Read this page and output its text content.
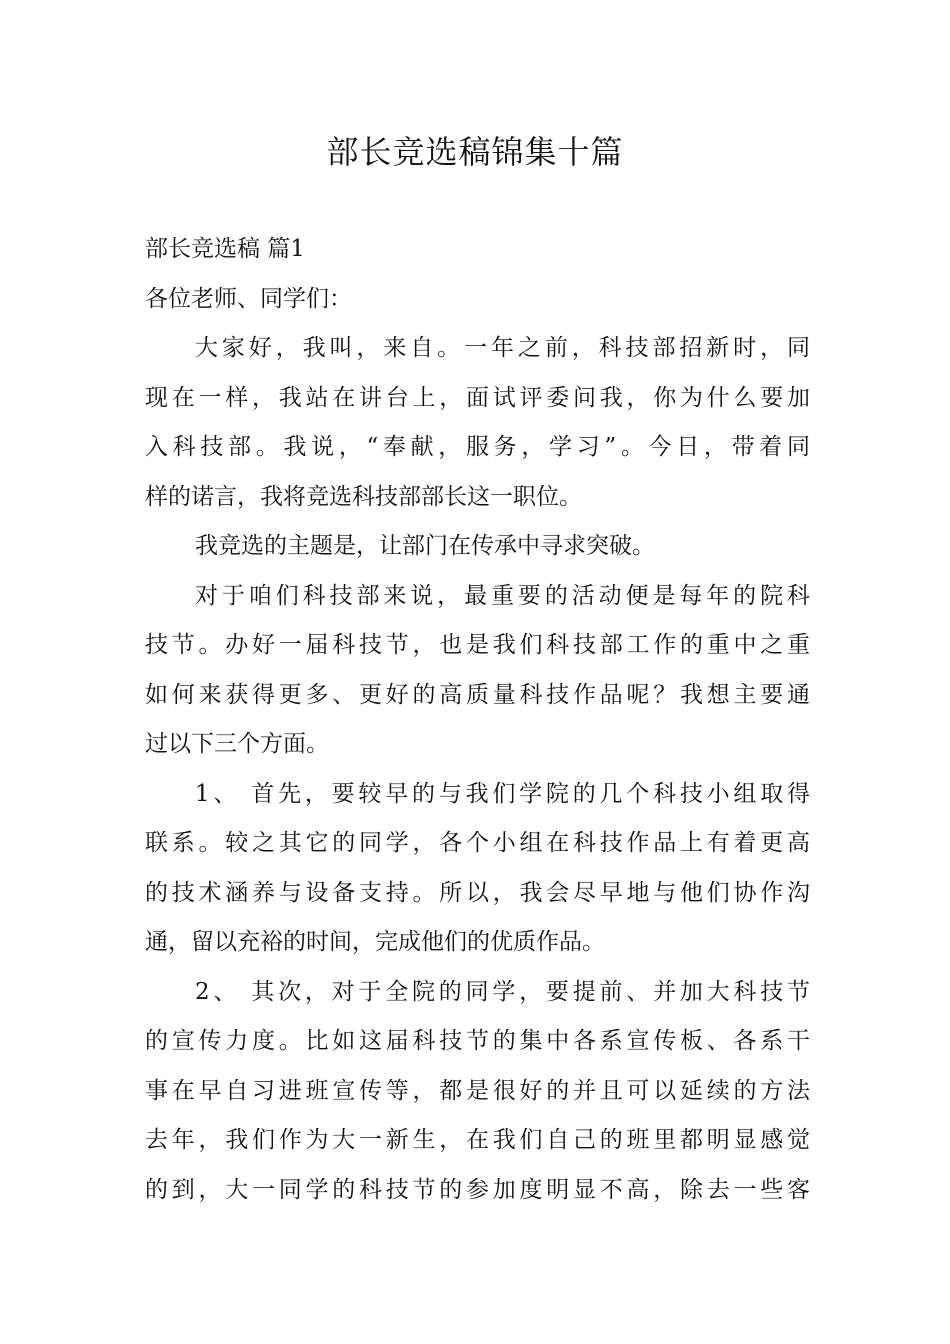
部长竞选稿锦集十篇
部长竞选稿 篇1
各位老师、同学们：
大家好，我叫，来自。一年之前，科技部招新时，同
现在一样，我站在讲台上，面试评委问我，你为什么要加
入科技部。我说，“奉献，服务，学习”。今日，带着同
样的诺言，我将竞选科技部部长这一职位。
我竞选的主题是，让部门在传承中寻求突破。
对于咱们科技部来说，最重要的活动便是每年的院科
技节。办好一届科技节，也是我们科技部工作的重中之重
如何来获得更多、更好的高质量科技作品呢？我想主要通
过以下三个方面。
1、 首先，要较早的与我们学院的几个科技小组取得
联系。较之其它的同学，各个小组在科技作品上有着更高
的技术涵养与设备支持。所以，我会尽早地与他们协作沟
通，留以充裕的时间，完成他们的优质作品。
2、 其次，对于全院的同学，要提前、并加大科技节
的宣传力度。比如这届科技节的集中各系宣传板、各系干
事在早自习进班宣传等，都是很好的并且可以延续的方法
去年，我们作为大一新生，在我们自己的班里都明显感觉
的到，大一同学的科技节的参加度明显不高，除去一些客
